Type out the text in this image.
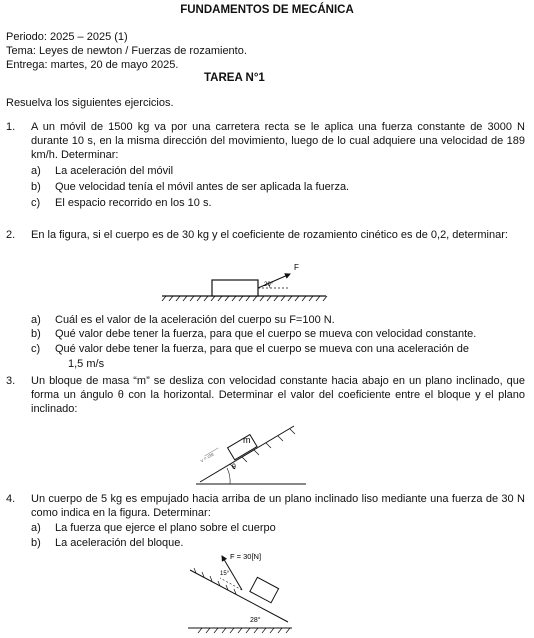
FUNDAMENTOS DE MECÁNICA
Periodo: 2025 – 2025 (1)
Tema: Leyes de newton / Fuerzas de rozamiento.
Entrega: martes, 20 de mayo 2025.
TAREA N°1
Resuelva los siguientes ejercicios.
1. A un móvil de 1500 kg va por una carretera recta se le aplica una fuerza constante de 3000 N durante 10 s, en la misma dirección del movimiento, luego de lo cual adquiere una velocidad de 189 km/h. Determinar:
a) La aceleración del móvil
b) Que velocidad tenía el móvil antes de ser aplicada la fuerza.
c) El espacio recorrido en los 10 s.
2. En la figura, si el cuerpo es de 30 kg y el coeficiente de rozamiento cinético es de 0,2, determinar:
F
20°
a) Cuál es el valor de la aceleración del cuerpo su F=100 N.
b) Qué valor debe tener la fuerza, para que el cuerpo se mueva con velocidad constante.
c) Qué valor debe tener la fuerza, para que el cuerpo se mueva con una aceleración de
1,5 m/s
3. Un bloque de masa “m” se desliza con velocidad constante hacia abajo en un plano inclinado, que forma un ángulo θ con la horizontal. Determinar el valor del coeficiente entre el bloque y el plano inclinado:
m
v = cte
θ
4. Un cuerpo de 5 kg es empujado hacia arriba de un plano inclinado liso mediante una fuerza de 30 N como indica en la figura. Determinar:
a) La fuerza que ejerce el plano sobre el cuerpo
b) La aceleración del bloque.
F = 30[N]
15°
28°
